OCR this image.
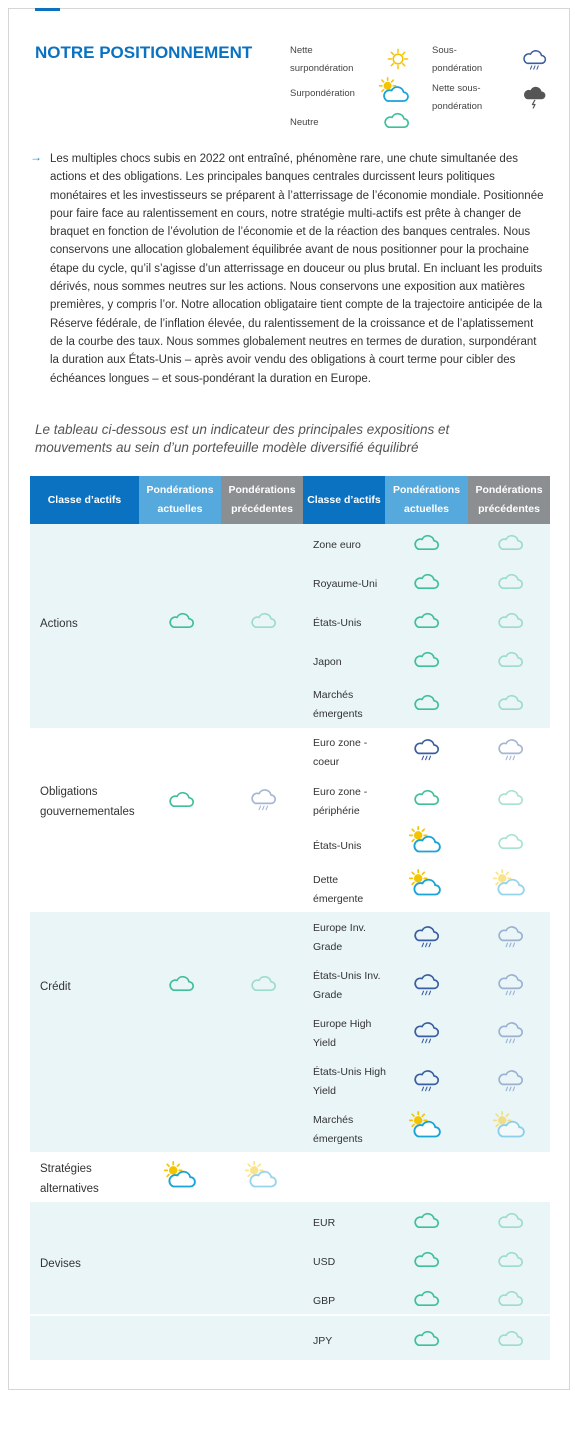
NOTRE POSITIONNEMENT	Nette surpondération
Surpondération
Neutre
Sous-pondération
Nette sous-pondération
→ Les multiples chocs subis en 2022 ont entraîné, phénomène rare, une chute simultanée des actions et des obligations. Les principales banques centrales durcissent leurs politiques monétaires et les investisseurs se préparent à l’atterrissage de l’économie mondiale. Positionnée pour faire face au ralentissement en cours, notre stratégie multi-actifs est prête à changer de braquet en fonction de l’évolution de l’économie et de la réaction des banques centrales. Nous conservons une allocation globalement équilibrée avant de nous positionner pour la prochaine étape du cycle, qu’il s’agisse d’un atterrissage en douceur ou plus brutal. En incluant les produits dérivés, nous sommes neutres sur les actions. Nous conservons une exposition aux matières premières, y compris l’or. Notre allocation obligataire tient compte de la trajectoire anticipée de la Réserve fédérale, de l’inflation élevée, du ralentissement de la croissance et de l’aplatissement de la courbe des taux. Nous sommes globalement neutres en termes de duration, surpondérant la duration aux États-Unis – après avoir vendu des obligations à court terme pour cibler des échéances longues – et sous-pondérant la duration en Europe.

Le tableau ci-dessous est un indicateur des principales expositions et mouvements au sein d’un portefeuille modèle diversifié équilibré

Classe d’actifs
Pondérations actuelles
Pondérations précédentes
Classe d’actifs
Pondérations actuelles
Pondérations précédentes
Actions
Zone euro
Royaume-Uni
États-Unis
Japon
Marchés émergents
Obligations gouvernementales
Euro zone - coeur
Euro zone - périphérie
États-Unis
Dette émergente
Crédit
Europe Inv. Grade
États-Unis Inv. Grade
Europe High Yield
États-Unis High Yield
Marchés émergents
Stratégies alternatives
Devises
EUR
USD
GBP
JPY
